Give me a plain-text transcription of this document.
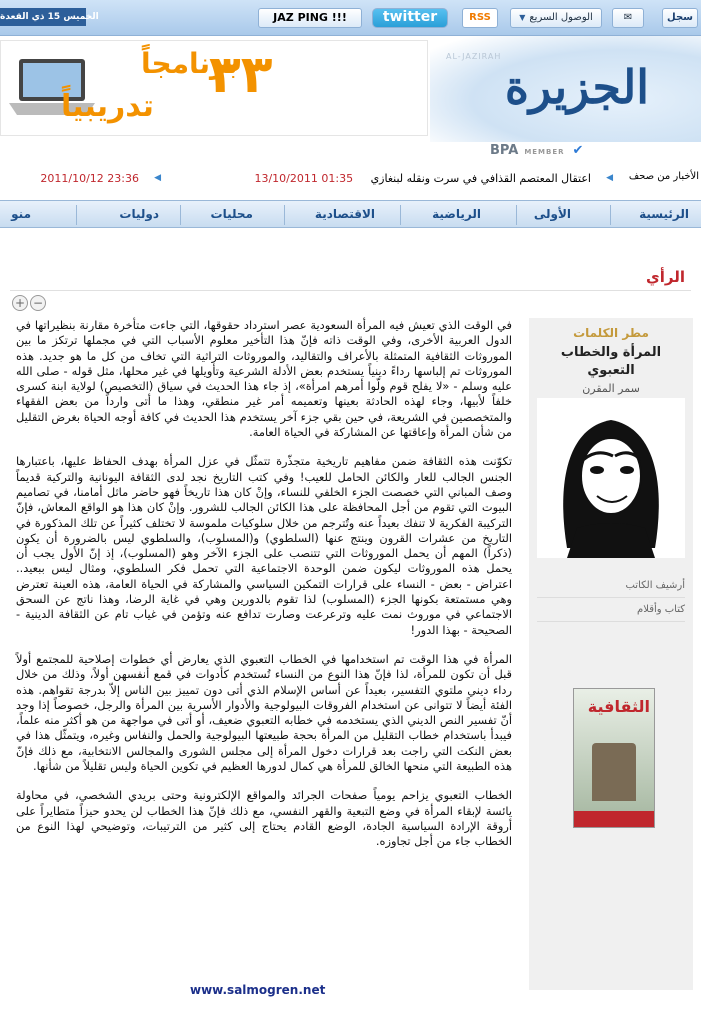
الخميس 15 ذي القعدة	JAZ PING !!!	twitter	RSS	▼ الوصول السريع	✉	سجل
برنامجاً
٣٣
تدريبياً
AL-JAZIRAH
الجزيرة
BPA MEMBER ✔
الأخبار من صحف
◀
اعتقال المعتصم القذافي في سرت ونقله لبنغازي     01:35 13/10/2011
◀
23:36 2011/10/12
الرئيسية
الأولى
الرياضية
الاقتصادية
محليات
دوليات
منو
الرأي
+ −
مطر الكلمات
المرأة والخطاب التعبوي
سمر المقرن
أرشيف الكاتب
كتاب وأقلام
الثقافية

في الوقت الذي تعيش فيه المرأة السعودية عصر استرداد حقوقها، التي جاءت متأخرة مقارنة بنظيراتها في الدول العربية الأخرى، وفي الوقت ذاته فإنّ هذا التأخير معلوم الأسباب التي في مجملها ترتكز ما بين الموروثات الثقافية المتمثلة بالأعراف والتقاليد، والموروثات التراثية التي تخاف من كل ما هو جديد. هذه الموروثات تم إلباسها رداءً دينياً يستخدم بعض الأدلة الشرعية وتأويلها في غير محلها، مثل قوله - صلى الله عليه وسلم - «لا يفلح قوم ولّوا أمرهم امرأة»، إذ جاء هذا الحديث في سياق (التخصيص) لولاية ابنة كسرى خلفاً لأبيها، وجاء لهذه الحادثة بعينها وتعميمه أمر غير منطقي، وهذا ما أتى وارداً من بعض الفقهاء والمتخصصين في الشريعة، في حين بقي جزء آخر يستخدم هذا الحديث في كافة أوجه الحياة بغرض التقليل من شأن المرأة وإعاقتها عن المشاركة في الحياة العامة.

تكوّنت هذه الثقافة ضمن مفاهيم تاريخية متجذّرة تتمثّل في عزل المرأة بهدف الحفاظ عليها، باعتبارها الجنس الجالب للعار والكائن الحامل للعيب! وفي كتب التاريخ نجد لدى الثقافة اليونانية والتركية قديماً وصف المباني التي خصصت الجزء الخلفي للنساء، وإنْ كان هذا تاريخاً فهو حاضر ماثل أمامنا، في تصاميم البيوت التي تقوم من أجل المحافظة على هذا الكائن الجالب للشرور. وإنْ كان هذا هو الواقع المعاش، فإنّ التركيبة الفكرية لا تنفك بعيداً عنه وتُترجم من خلال سلوكيات ملموسة لا تختلف كثيراً عن تلك المذكورة في التاريخ من عشرات القرون وينتج عنها (السلطوي) و(المسلوب)، والسلطوي ليس بالضرورة أن يكون (ذكراً) المهم أن يحمل الموروثات التي تتنصب على الجزء الآخر وهو (المسلوب)، إذ إنّ الأول يجب أن يحمل هذه الموروثات ليكون ضمن الوحدة الاجتماعية التي تحمل فكر السلطوي، ومثال ليس ببعيد.. اعتراض - بعض - النساء على قرارات التمكين السياسي والمشاركة في الحياة العامة، هذه العينة تعترض وهي مستمتعة بكونها الجزء (المسلوب) لذا تقوم بالدورين وهي في غاية الرضا، وهذا ناتج عن السحق الاجتماعي في موروث نمت عليه وترعرعت وصارت تدافع عنه وتؤمن في غياب تام عن الثقافة الدينية - الصحيحة - بهذا الدور!

المرأة في هذا الوقت تم استخدامها في الخطاب التعبوي الذي يعارض أي خطوات إصلاحية للمجتمع أولاً قبل أن تكون للمرأة، لذا فإنّ هذا النوع من النساء تُستخدم كأدوات في قمع أنفسهن أولاً، وذلك من خلال رداء ديني ملتوي التفسير، بعيداً عن أساس الإسلام الذي أتى دون تمييز بين الناس إلاّ بدرجة تقواهم. هذه الفئة أيضاً لا تتوانى عن استخدام الفروقات البيولوجية والأدوار الأسرية بين المرأة والرجل، خصوصاً إذا وجد أنّ تفسير النص الديني الذي يستخدمه في خطابه التعبوي ضعيف، أو أتى في مواجهة من هو أكثر منه علماً، فيبدأ باستخدام خطاب التقليل من المرأة بحجة طبيعتها البيولوجية والحمل والنفاس وغيره، ويتمثّل هذا في بعض النكت التي راجت بعد قرارات دخول المرأة إلى مجلس الشورى والمجالس الانتخابية، مع ذلك فإنّ هذه الطبيعة التي منحها الخالق للمرأة هي كمال لدورها العظيم في تكوين الحياة وليس تقليلاً من شأنها.

الخطاب التعبوي يزاحم يومياً صفحات الجرائد والمواقع الإلكترونية وحتى بريدي الشخصي، في محاولة يائسة لإبقاء المرأة في وضع التبعية والقهر النفسي، مع ذلك فإنّ هذا الخطاب لن يحدو حيزاً متطايراً على أروقة الإرادة السياسية الجادة، الوضع القادم يحتاج إلى كثير من الترتيبات، وتوضيحي لهذا النوع من الخطاب جاء من أجل تجاوزه.

www.salmogren.net
